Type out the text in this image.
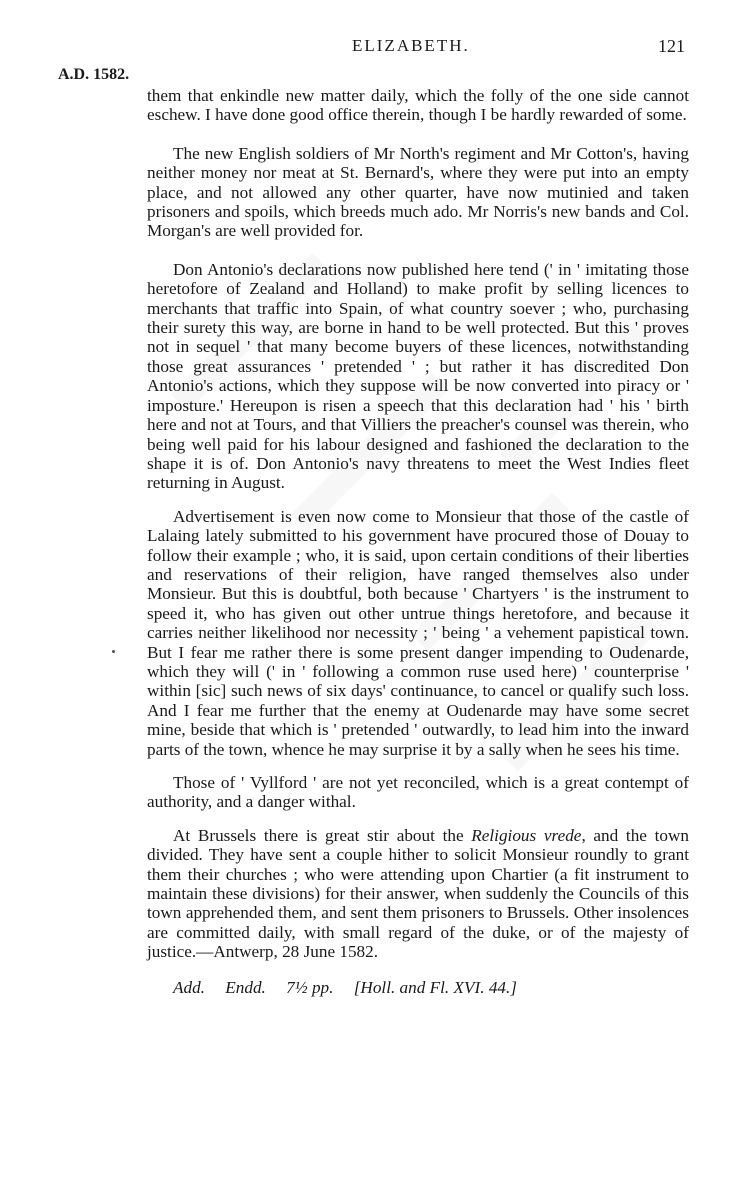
ELIZABETH.	121
A.D. 1582.

them that enkindle new matter daily, which the folly of the one side cannot eschew. I have done good office therein, though I be hardly rewarded of some.

The new English soldiers of Mr North's regiment and Mr Cotton's, having neither money nor meat at St. Bernard's, where they were put into an empty place, and not allowed any other quarter, have now mutinied and taken prisoners and spoils, which breeds much ado. Mr Norris's new bands and Col. Morgan's are well provided for.

Don Antonio's declarations now published here tend (' in ' imitating those heretofore of Zealand and Holland) to make profit by selling licences to merchants that traffic into Spain, of what country soever ; who, purchasing their surety this way, are borne in hand to be well protected. But this ' proves not in sequel ' that many become buyers of these licences, notwithstanding those great assurances ' pretended ' ; but rather it has discredited Don Antonio's actions, which they suppose will be now converted into piracy or ' imposture.' Hereupon is risen a speech that this declaration had ' his ' birth here and not at Tours, and that Villiers the preacher's counsel was therein, who being well paid for his labour designed and fashioned the declaration to the shape it is of. Don Antonio's navy threatens to meet the West Indies fleet returning in August.

Advertisement is even now come to Monsieur that those of the castle of Lalaing lately submitted to his government have procured those of Douay to follow their example ; who, it is said, upon certain conditions of their liberties and reservations of their religion, have ranged themselves also under Monsieur. But this is doubtful, both because ' Chartyers ' is the instrument to speed it, who has given out other untrue things heretofore, and because it carries neither likelihood nor necessity ; ' being ' a vehement papistical town. But I fear me rather there is some present danger impending to Oudenarde, which they will (' in ' following a common ruse used here) ' counterprise ' within [sic] such news of six days' continuance, to cancel or qualify such loss. And I fear me further that the enemy at Oudenarde may have some secret mine, beside that which is ' pretended ' outwardly, to lead him into the inward parts of the town, whence he may surprise it by a sally when he sees his time.

Those of ' Vyllford ' are not yet reconciled, which is a great contempt of authority, and a danger withal.

At Brussels there is great stir about the Religious vrede, and the town divided. They have sent a couple hither to solicit Monsieur roundly to grant them their churches ; who were attending upon Chartier (a fit instrument to maintain these divisions) for their answer, when suddenly the Councils of this town apprehended them, and sent them prisoners to Brussels. Other insolences are committed daily, with small regard of the duke, or of the majesty of justice.—Antwerp, 28 June 1582.

Add. Endd. 7½ pp. [Holl. and Fl. XVI. 44.]
